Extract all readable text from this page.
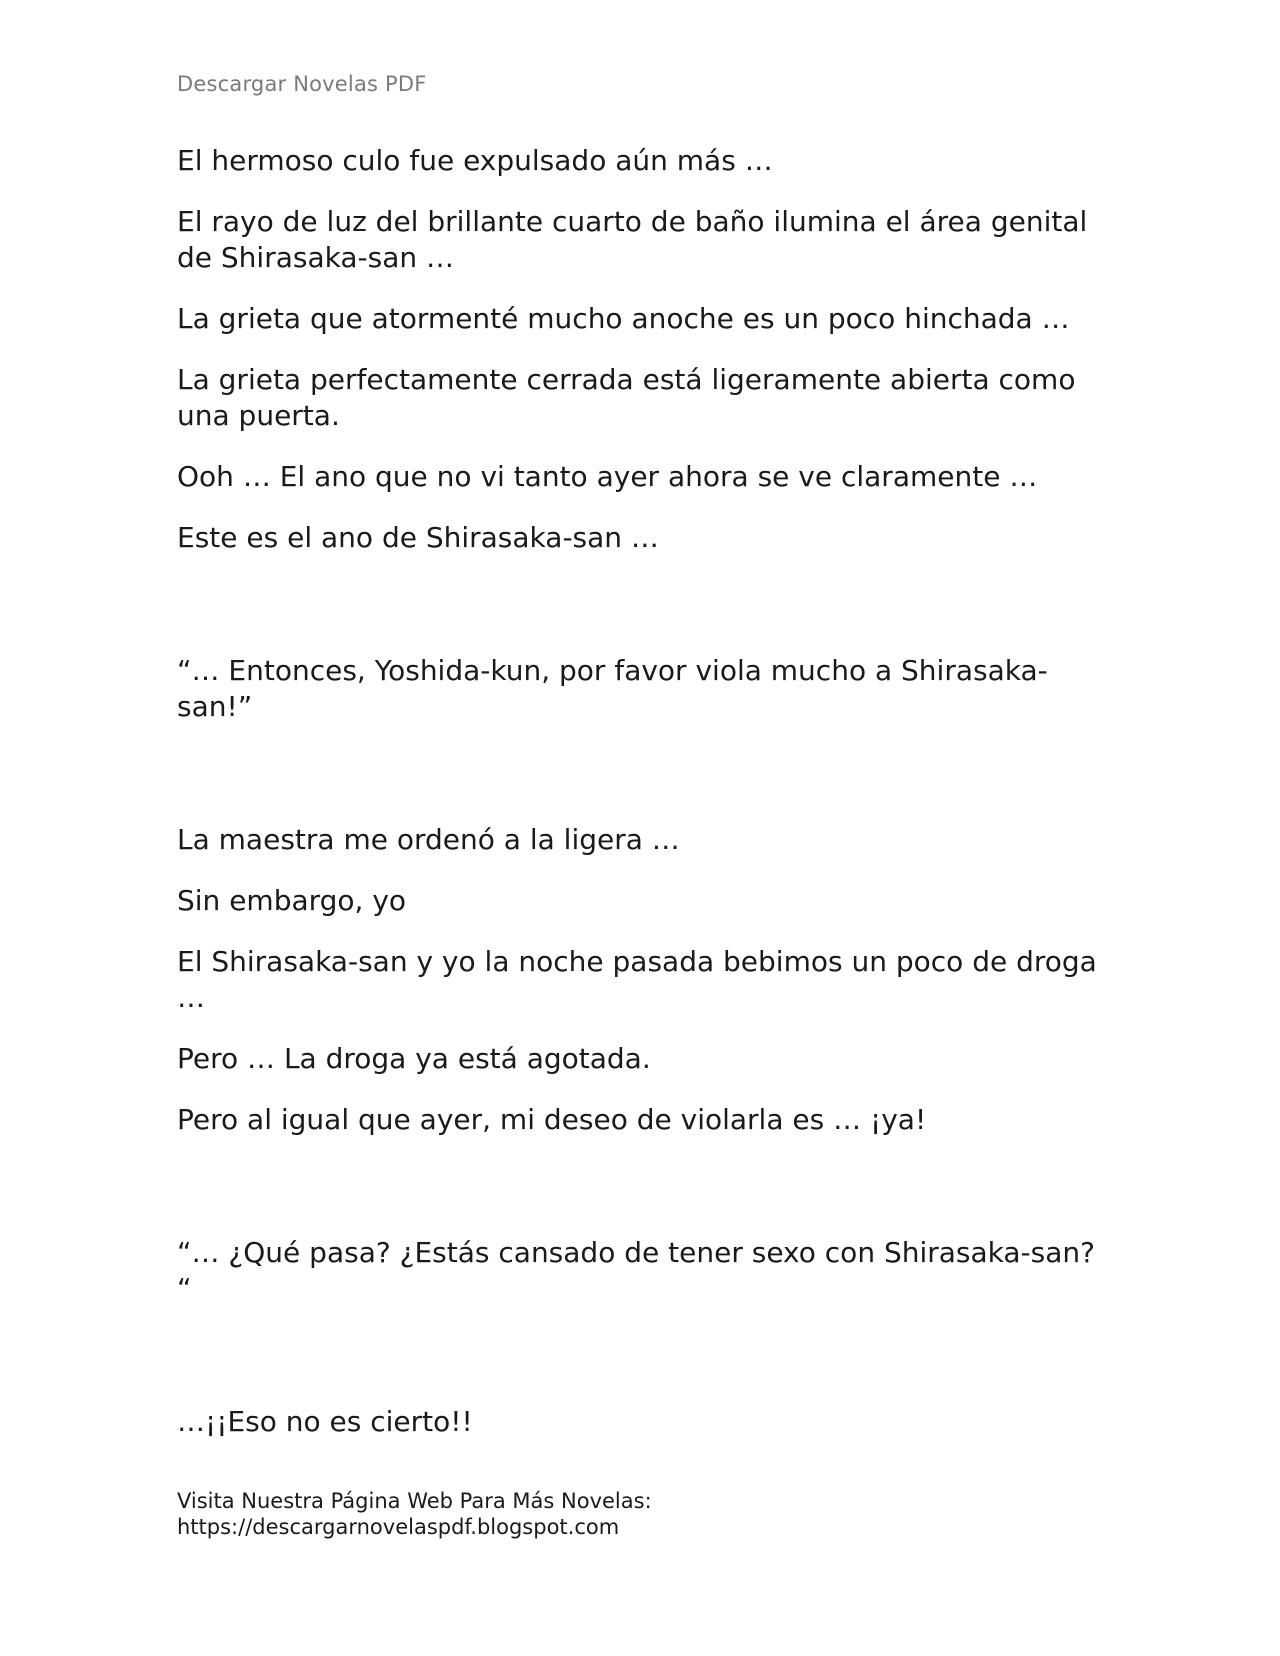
Descargar Novelas PDF

El hermoso culo fue expulsado aún más …

El rayo de luz del brillante cuarto de baño ilumina el área genital de Shirasaka-san …

La grieta que atormenté mucho anoche es un poco hinchada …

La grieta perfectamente cerrada está ligeramente abierta como una puerta.

Ooh … El ano que no vi tanto ayer ahora se ve claramente …

Este es el ano de Shirasaka-san …

“… Entonces, Yoshida-kun, por favor viola mucho a Shirasaka-san!”

La maestra me ordenó a la ligera …

Sin embargo, yo

El Shirasaka-san y yo la noche pasada bebimos un poco de droga …

Pero … La droga ya está agotada.

Pero al igual que ayer, mi deseo de violarla es … ¡ya!

“… ¿Qué pasa? ¿Estás cansado de tener sexo con Shirasaka-san? “

…¡¡Eso no es cierto!!

Visita Nuestra Página Web Para Más Novelas:
https://descargarnovelaspdf.blogspot.com
